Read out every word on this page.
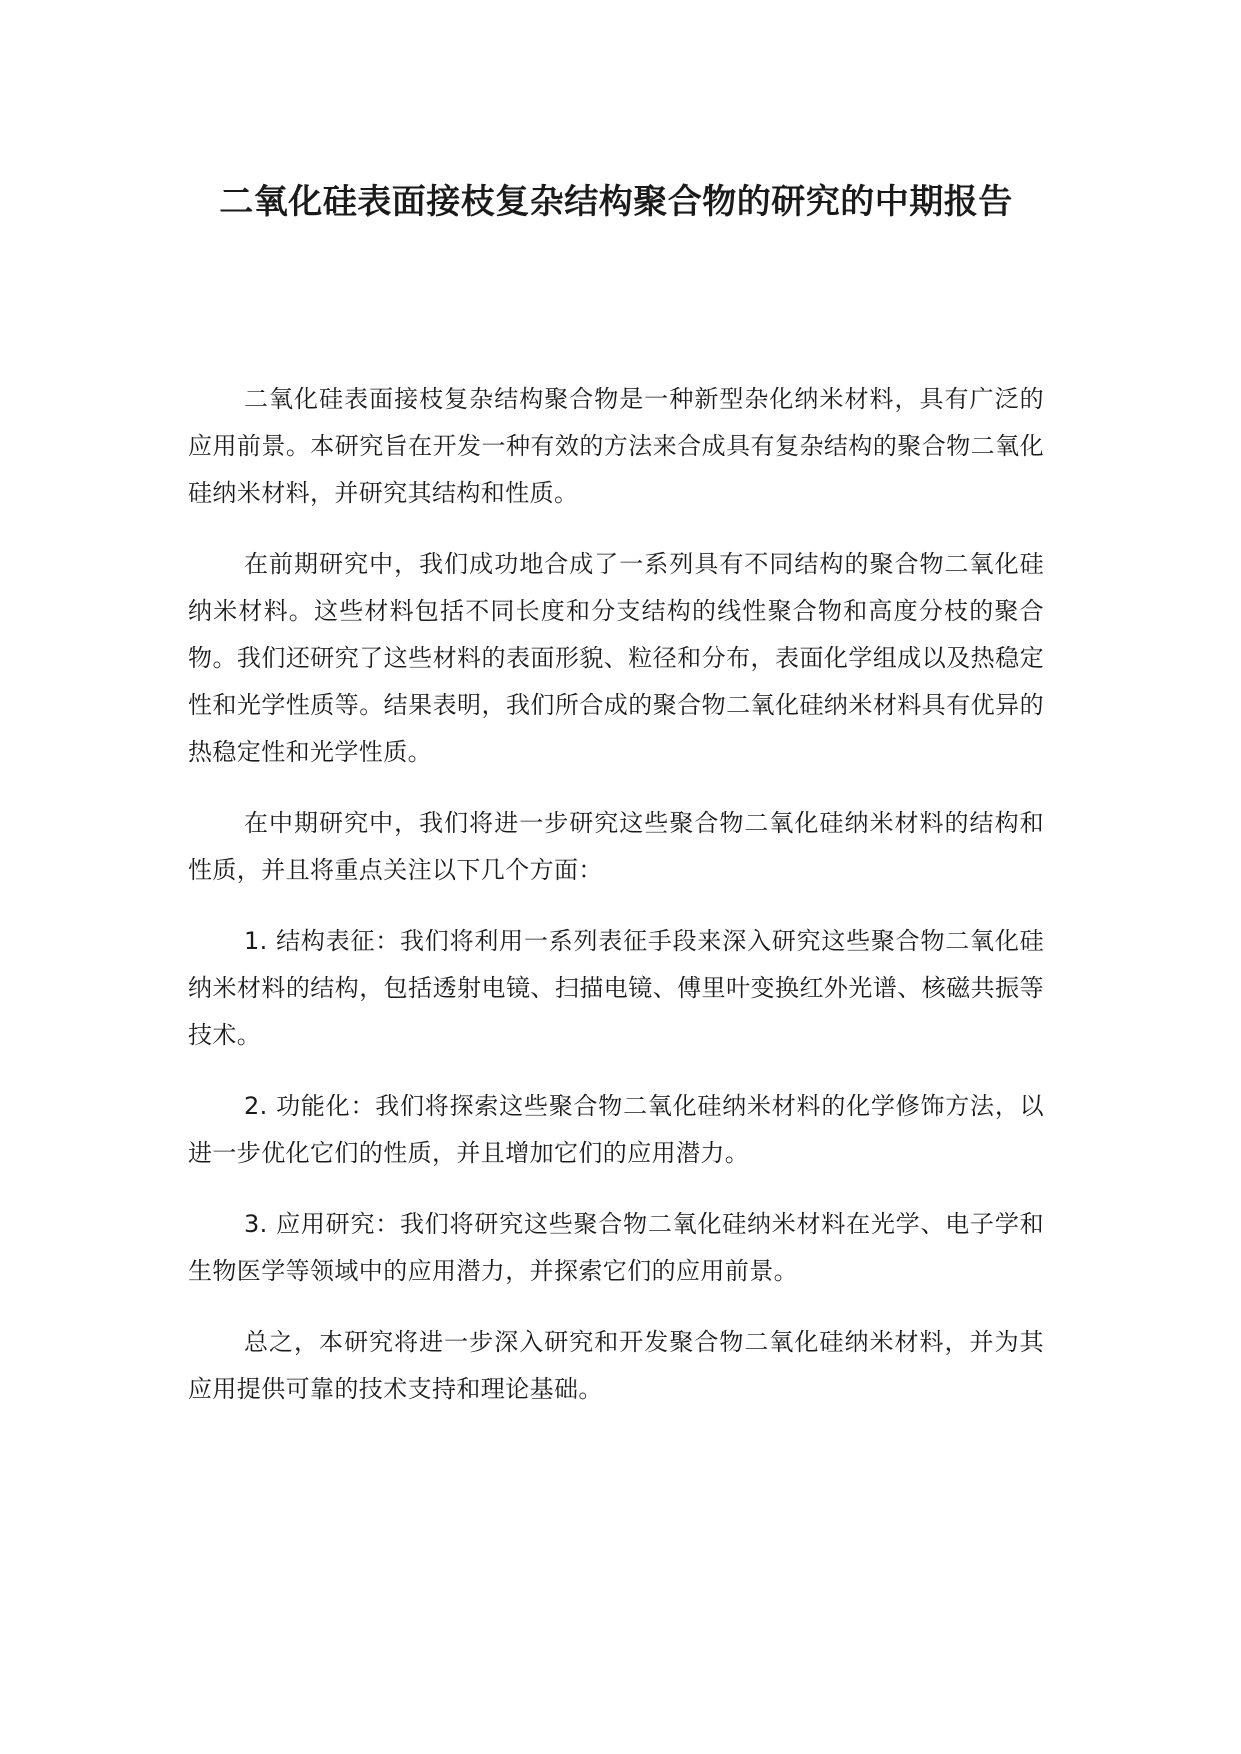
二氧化硅表面接枝复杂结构聚合物的研究的中期报告

二氧化硅表面接枝复杂结构聚合物是一种新型杂化纳米材料，具有广泛的应用前景。本研究旨在开发一种有效的方法来合成具有复杂结构的聚合物二氧化硅纳米材料，并研究其结构和性质。

在前期研究中，我们成功地合成了一系列具有不同结构的聚合物二氧化硅纳米材料。这些材料包括不同长度和分支结构的线性聚合物和高度分枝的聚合物。我们还研究了这些材料的表面形貌、粒径和分布，表面化学组成以及热稳定性和光学性质等。结果表明，我们所合成的聚合物二氧化硅纳米材料具有优异的热稳定性和光学性质。

在中期研究中，我们将进一步研究这些聚合物二氧化硅纳米材料的结构和性质，并且将重点关注以下几个方面：

1. 结构表征：我们将利用一系列表征手段来深入研究这些聚合物二氧化硅纳米材料的结构，包括透射电镜、扫描电镜、傅里叶变换红外光谱、核磁共振等技术。

2. 功能化：我们将探索这些聚合物二氧化硅纳米材料的化学修饰方法，以进一步优化它们的性质，并且增加它们的应用潜力。

3. 应用研究：我们将研究这些聚合物二氧化硅纳米材料在光学、电子学和生物医学等领域中的应用潜力，并探索它们的应用前景。

总之，本研究将进一步深入研究和开发聚合物二氧化硅纳米材料，并为其应用提供可靠的技术支持和理论基础。
